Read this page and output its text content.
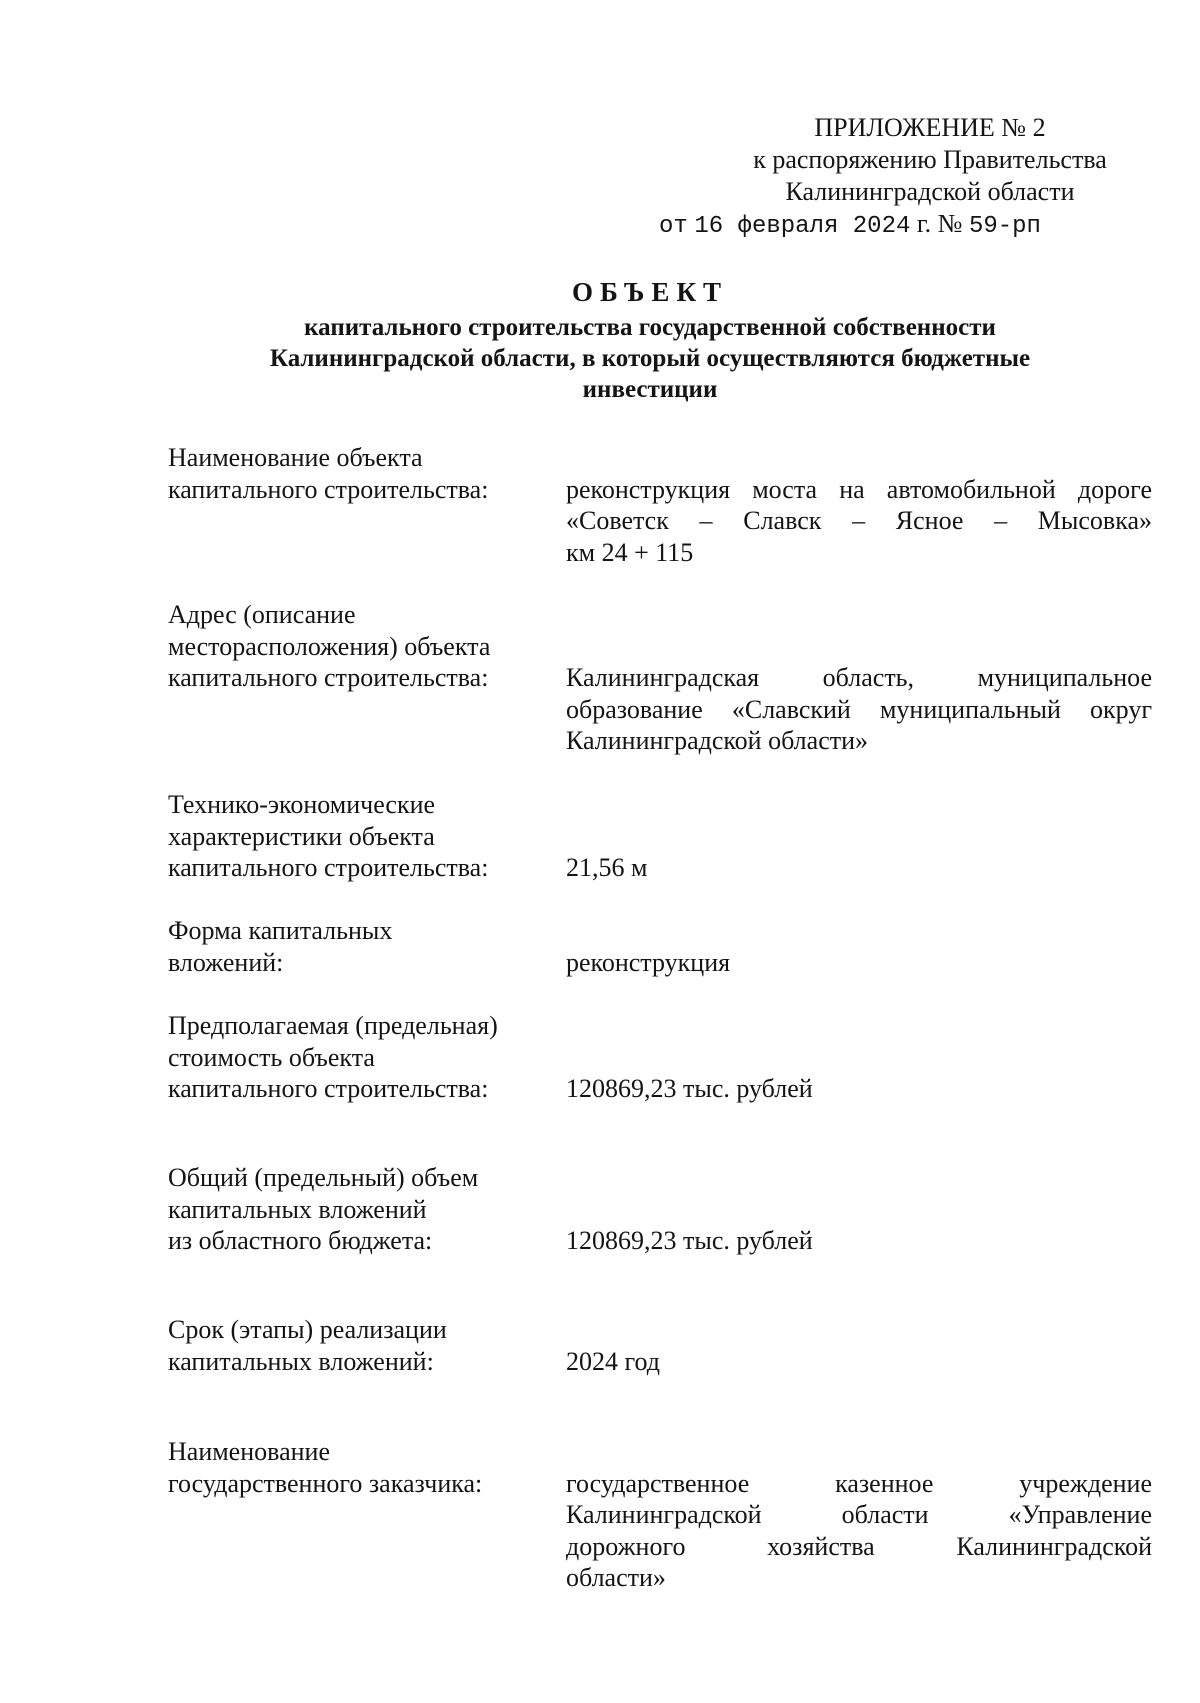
ПРИЛОЖЕНИЕ № 2
к распоряжению Правительства
Калининградской области
от 16 февраля 2024 г. № 59-рп
ОБЪЕКТ
капитального строительства государственной собственности
Калининградской области, в который осуществляются бюджетные
инвестиции
Наименование объекта
капитального строительства:	реконструкция моста на автомобильной дороге
«Советск – Славск – Ясное – Мысовка»
км 24 + 115
Адрес (описание
месторасположения) объекта
капитального строительства:	Калининградская область, муниципальное
образование «Славский муниципальный округ
Калининградской области»
Технико-экономические
характеристики объекта
капитального строительства:	21,56 м
Форма капитальных
вложений:	реконструкция
Предполагаемая (предельная)
стоимость объекта
капитального строительства:	120869,23 тыс. рублей
Общий (предельный) объем
капитальных вложений
из областного бюджета:	120869,23 тыс. рублей
Срок (этапы) реализации
капитальных вложений:	2024 год
Наименование
государственного заказчика:	государственное казенное учреждение
Калининградской области «Управление
дорожного хозяйства Калининградской
области»
